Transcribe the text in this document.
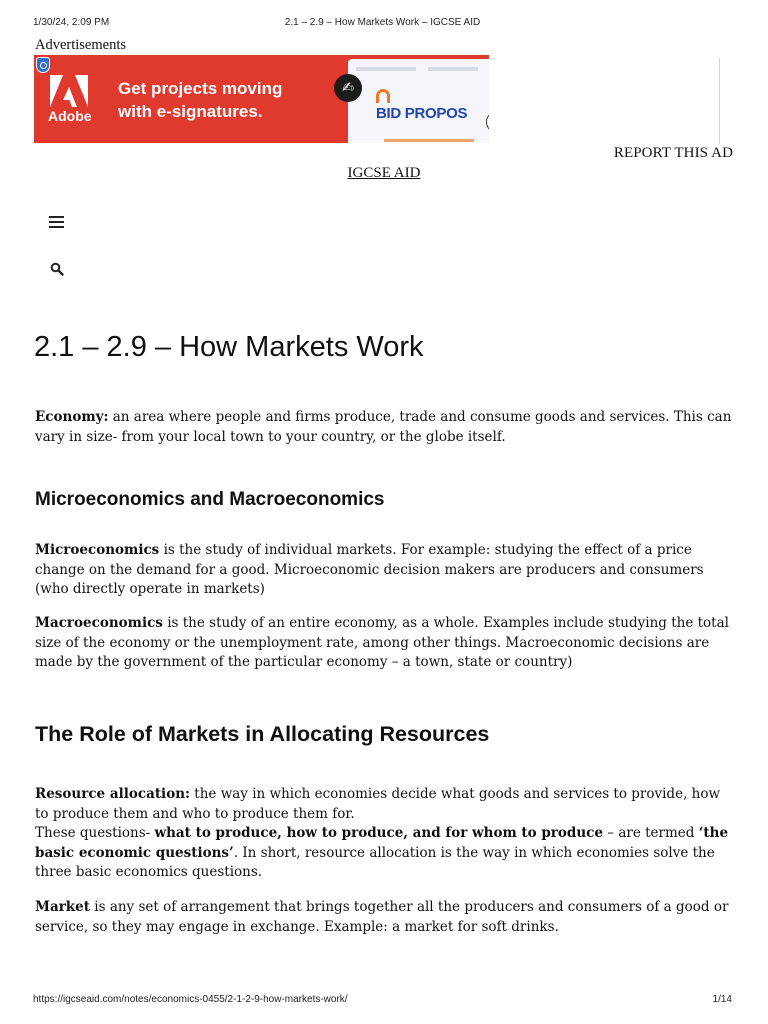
1/30/24, 2:09 PM	2.1 – 2.9 – How Markets Work – IGCSE AID
Advertisements
Adobe
Get projects moving
with e-signatures.	BID PROPOS
✍
REPORT THIS AD
IGCSE AID
2.1 – 2.9 – How Markets Work

Economy: an area where people and firms produce, trade and consume goods and services. This can vary in size- from your local town to your country, or the globe itself.

Microeconomics and Macroeconomics

Microeconomics is the study of individual markets. For example: studying the effect of a price change on the demand for a good. Microeconomic decision makers are producers and consumers (who directly operate in markets)

Macroeconomics is the study of an entire economy, as a whole. Examples include studying the total size of the economy or the unemployment rate, among other things. Macroeconomic decisions are made by the government of the particular economy – a town, state or country)

The Role of Markets in Allocating Resources

Resource allocation: the way in which economies decide what goods and services to provide, how to produce them and who to produce them for.
These questions- what to produce, how to produce, and for whom to produce – are termed ‘the basic economic questions’. In short, resource allocation is the way in which economies solve the three basic economics questions.

Market is any set of arrangement that brings together all the producers and consumers of a good or service, so they may engage in exchange. Example: a market for soft drinks.

https://igcseaid.com/notes/economics-0455/2-1-2-9-how-markets-work/	1/14
